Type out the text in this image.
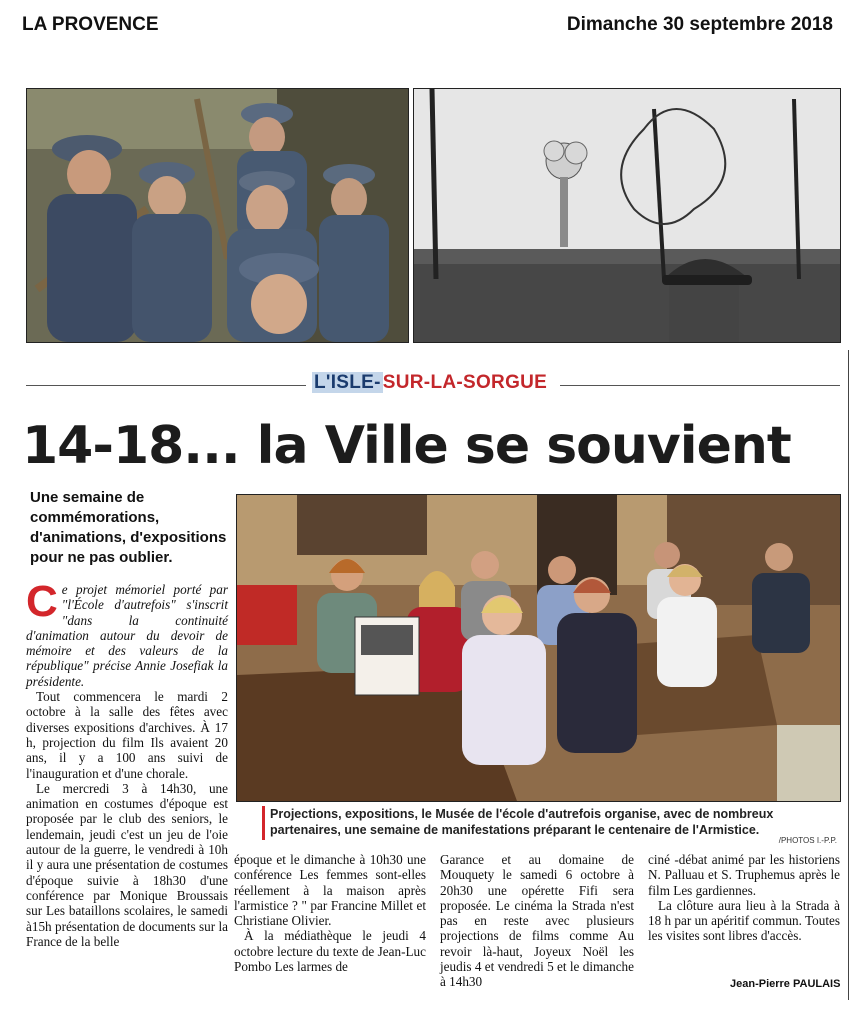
LA PROVENCE	Dimanche 30 septembre 2018
L'ISLE- SUR-LA-SORGUE
14-18... la Ville se souvient
Une semaine de commémorations, d'animations, d'expositions pour ne pas oublier.
Projections, expositions, le Musée de l'école d'autrefois organise, avec de nombreux partenaires, une semaine de manifestations préparant le centenaire de l'Armistice.
/PHOTOS I.-P.P.

Ce projet mémoriel porté par "l'École d'autrefois" s'inscrit "dans la continuité d'animation autour du devoir de mémoire et des valeurs de la république" précise Annie Josefiak la présidente.

Tout commencera le mardi 2 octobre à la salle des fêtes avec diverses expositions d'archives. À 17 h, projection du film Ils avaient 20 ans, il y a 100 ans suivi de l'inauguration et d'une chorale.

Le mercredi 3 à 14h30, une animation en costumes d'époque est proposée par le club des seniors, le lendemain, jeudi c'est un jeu de l'oie autour de la guerre, le vendredi à 10h il y aura une présentation de costumes d'époque suivie à 18h30 d'une conférence par Monique Broussais sur Les bataillons scolaires, le samedi à15h présentation de documents sur la France de la belle

époque et le dimanche à 10h30 une conférence Les femmes sont-elles réellement à la maison après l'armistice ? " par Francine Millet et Christiane Olivier.

À la médiathèque le jeudi 4 octobre lecture du texte de Jean-Luc Pombo Les larmes de

Garance et au domaine de Mouquety le samedi 6 octobre à 20h30 une opérette Fifi sera proposée. Le cinéma la Strada n'est pas en reste avec plusieurs projections de films comme Au revoir là-haut, Joyeux Noël les jeudis 4 et vendredi 5 et le dimanche à 14h30

ciné -débat animé par les historiens N. Palluau et S. Truphemus après le film Les gardiennes.

La clôture aura lieu à la Strada à 18 h par un apéritif commun. Toutes les visites sont libres d'accès.

Jean-Pierre PAULAIS
